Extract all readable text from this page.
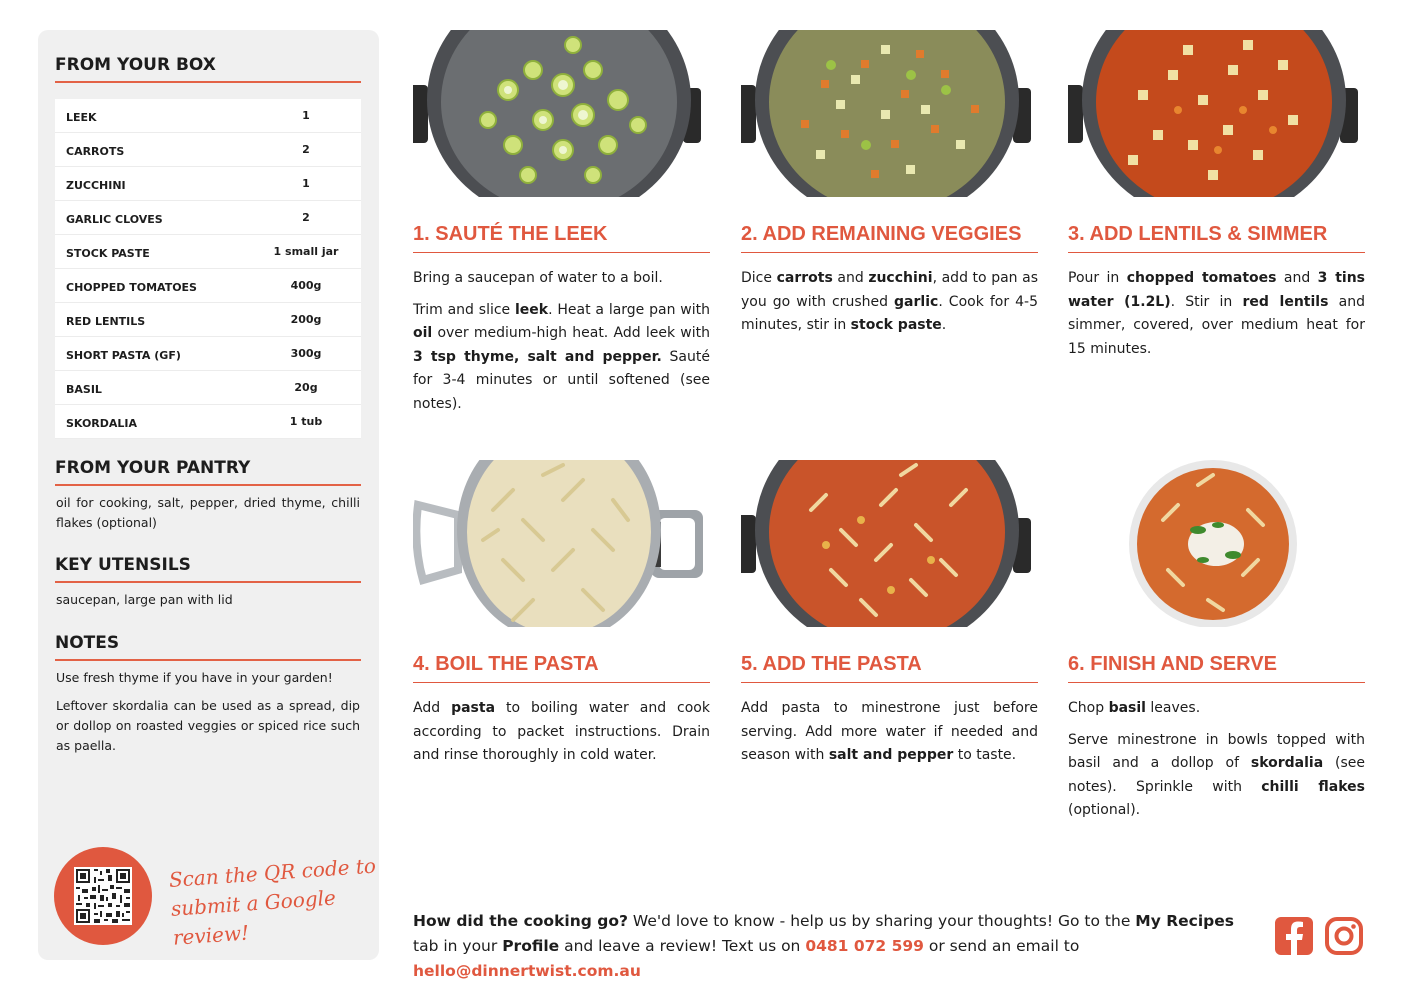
FROM YOUR BOX
LEEK	1
CARROTS	2
ZUCCHINI	1
GARLIC CLOVES	2
STOCK PASTE	1 small jar
CHOPPED TOMATOES	400g
RED LENTILS	200g
SHORT PASTA (GF)	300g
BASIL	20g
SKORDALIA	1 tub
FROM YOUR PANTRY

oil for cooking, salt, pepper, dried thyme, chilli flakes (optional)

KEY UTENSILS

saucepan, large pan with lid

NOTES

Use fresh thyme if you have in your garden!

Leftover skordalia can be used as a spread, dip or dollop on roasted veggies or spiced rice such as paella.

Scan the QR code to
submit a Google review!

1. SAUTÉ THE LEEK

Bring a saucepan of water to a boil.

Trim and slice leek. Heat a large pan with oil over medium-high heat. Add leek with 3 tsp thyme, salt and pepper. Sauté for 3-4 minutes or until softened (see notes).

2. ADD REMAINING VEGGIES

Dice carrots and zucchini, add to pan as you go with crushed garlic. Cook for 4-5 minutes, stir in stock paste.

3. ADD LENTILS & SIMMER

Pour in chopped tomatoes and 3 tins water (1.2L). Stir in red lentils and simmer, covered, over medium heat for 15 minutes.

4. BOIL THE PASTA

Add pasta to boiling water and cook according to packet instructions. Drain and rinse thoroughly in cold water.

5. ADD THE PASTA

Add pasta to minestrone just before serving. Add more water if needed and season with salt and pepper to taste.

6. FINISH AND SERVE

Chop basil leaves.

Serve minestrone in bowls topped with basil and a dollop of skordalia (see notes). Sprinkle with chilli flakes (optional).

How did the cooking go? We'd love to know - help us by sharing your thoughts! Go to the My Recipes tab in your Profile and leave a review! Text us on 0481 072 599 or send an email to hello@dinnertwist.com.au
